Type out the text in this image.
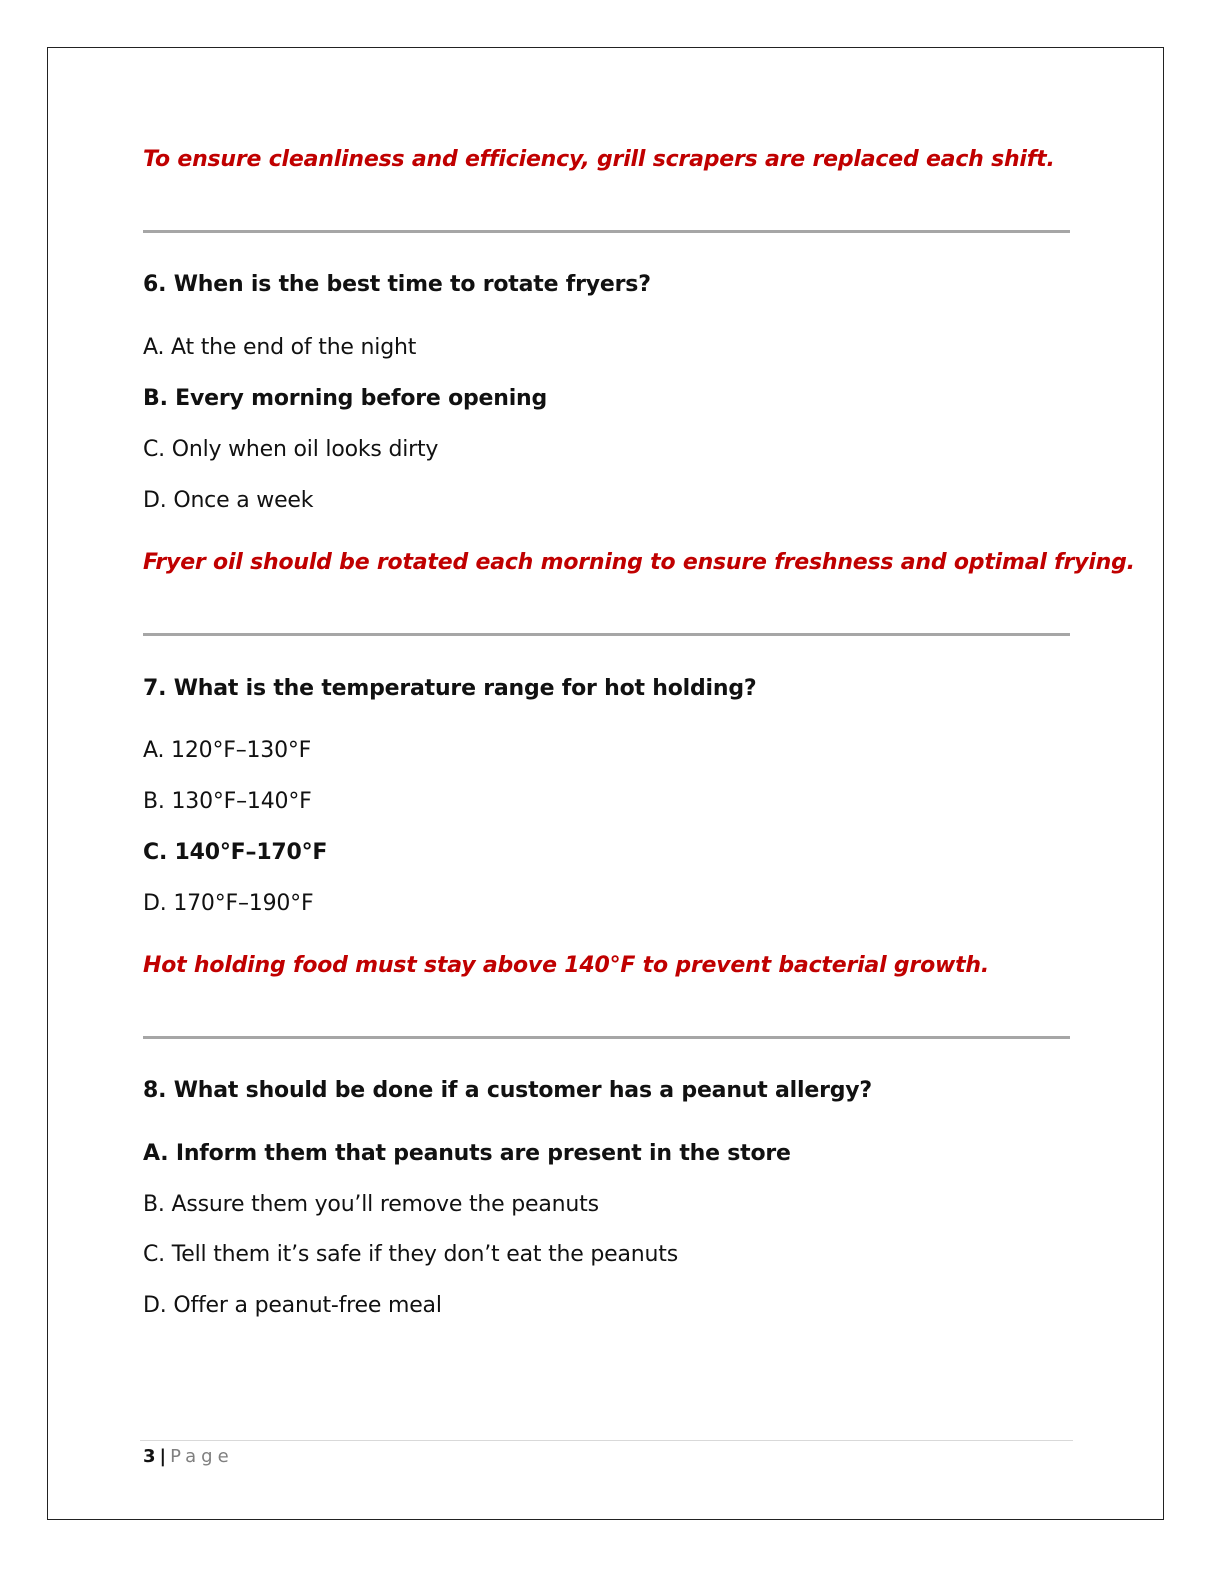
To ensure cleanliness and efficiency, grill scrapers are replaced each shift.
6. When is the best time to rotate fryers?
A. At the end of the night
B. Every morning before opening
C. Only when oil looks dirty
D. Once a week
Fryer oil should be rotated each morning to ensure freshness and optimal frying.
7. What is the temperature range for hot holding?
A. 120°F–130°F
B. 130°F–140°F
C. 140°F–170°F
D. 170°F–190°F
Hot holding food must stay above 140°F to prevent bacterial growth.
8. What should be done if a customer has a peanut allergy?
A. Inform them that peanuts are present in the store
B. Assure them you’ll remove the peanuts
C. Tell them it’s safe if they don’t eat the peanuts
D. Offer a peanut-free meal
3 | Page
